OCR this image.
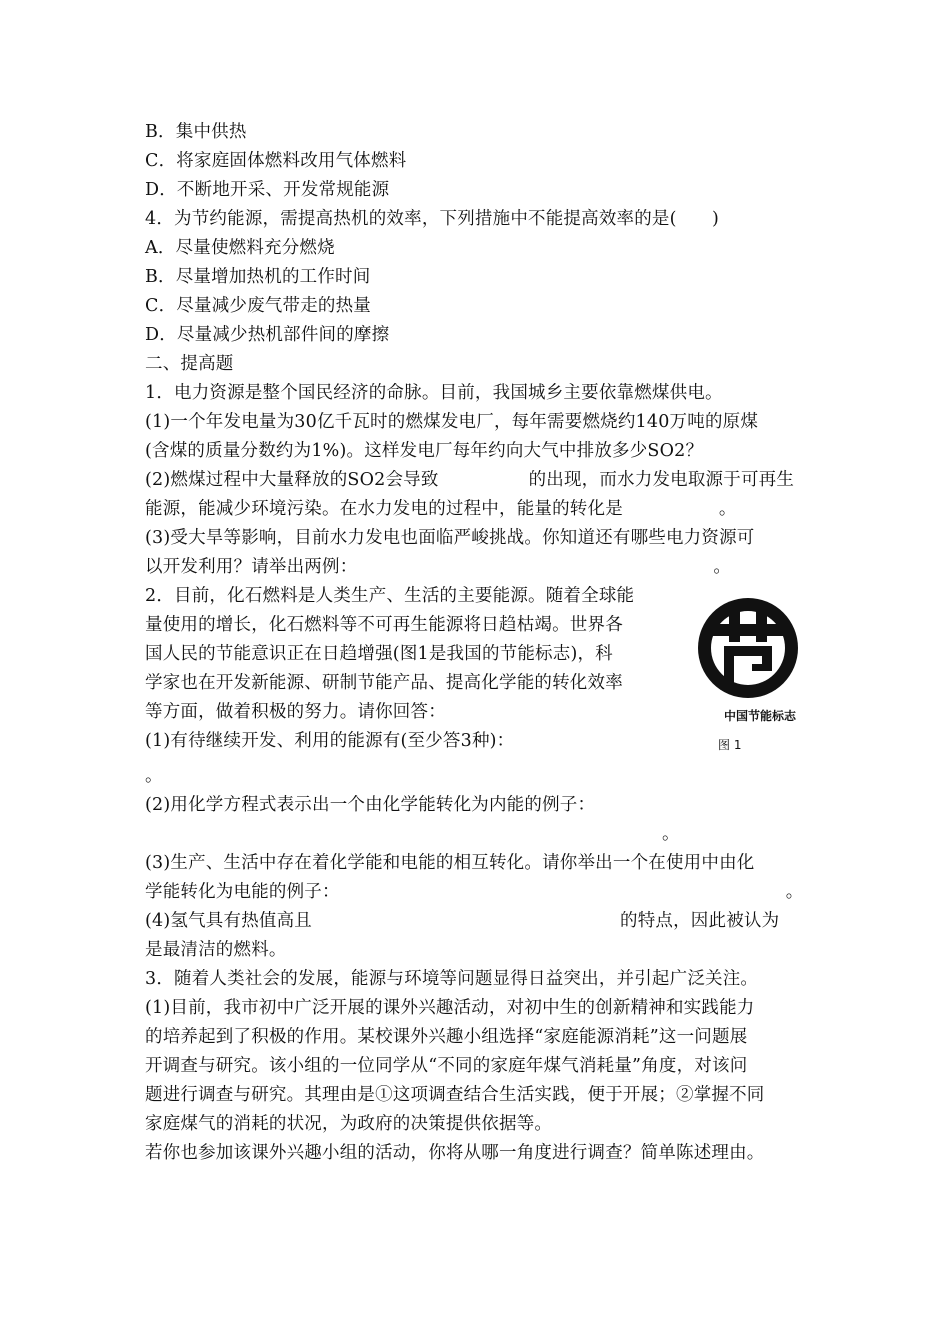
B．集中供热
C．将家庭固体燃料改用气体燃料
D．不断地开采、开发常规能源
4．为节约能源，需提高热机的效率，下列措施中不能提高效率的是(　　)
A．尽量使燃料充分燃烧
B．尽量增加热机的工作时间
C．尽量减少废气带走的热量
D．尽量减少热机部件间的摩擦
二、提高题
1．电力资源是整个国民经济的命脉。目前，我国城乡主要依靠燃煤供电。
(1)一个年发电量为30亿千瓦时的燃煤发电厂，每年需要燃烧约140万吨的原煤
(含煤的质量分数约为1%)。这样发电厂每年约向大气中排放多少SO2？
(2)燃煤过程中大量释放的SO2会导致	的出现，而水力发电取源于可再生
能源，能减少环境污染。在水力发电的过程中，能量的转化是	。
(3)受大旱等影响，目前水力发电也面临严峻挑战。你知道还有哪些电力资源可
以开发利用？请举出两例：	。
2．目前，化石燃料是人类生产、生活的主要能源。随着全球能
量使用的增长，化石燃料等不可再生能源将日趋枯竭。世界各
国人民的节能意识正在日趋增强(图1是我国的节能标志)，科
学家也在开发新能源、研制节能产品、提高化学能的转化效率
等方面，做着积极的努力。请你回答：
(1)有待继续开发、利用的能源有(至少答3种)：
。
(2)用化学方程式表示出一个由化学能转化为内能的例子：
。
(3)生产、生活中存在着化学能和电能的相互转化。请你举出一个在使用中由化
学能转化为电能的例子：	。
(4)氢气具有热值高且	的特点，因此被认为
是最清洁的燃料。
3．随着人类社会的发展，能源与环境等问题显得日益突出，并引起广泛关注。
(1)目前，我市初中广泛开展的课外兴趣活动，对初中生的创新精神和实践能力
的培养起到了积极的作用。某校课外兴趣小组选择“家庭能源消耗”这一问题展
开调查与研究。该小组的一位同学从“不同的家庭年煤气消耗量”角度，对该问
题进行调查与研究。其理由是①这项调查结合生活实践，便于开展；②掌握不同
家庭煤气的消耗的状况，为政府的决策提供依据等。
若你也参加该课外兴趣小组的活动，你将从哪一角度进行调查？简单陈述理由。
中国节能标志
图 1
